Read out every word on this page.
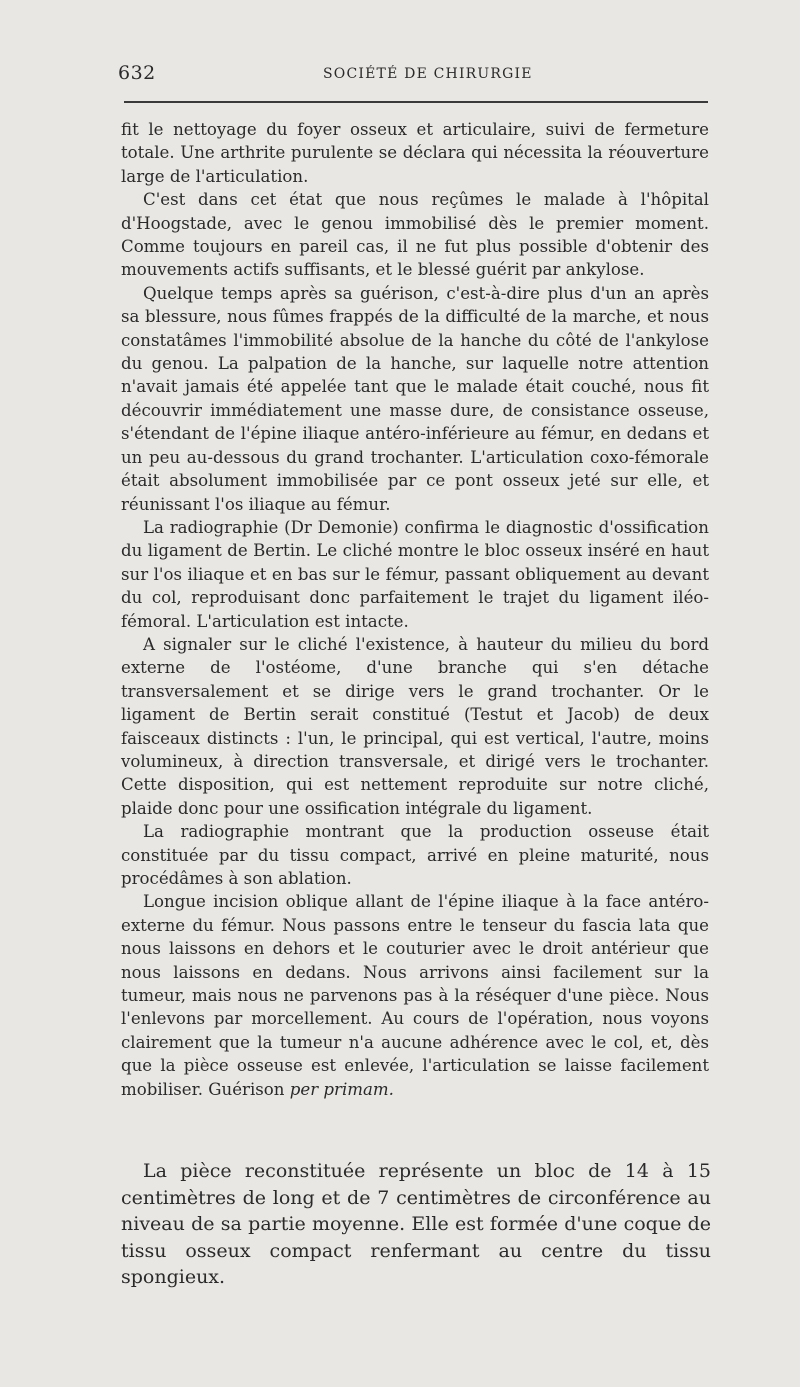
632	SOCIÉTÉ DE CHIRURGIE

fit le nettoyage du foyer osseux et articulaire, suivi de fermeture totale. Une arthrite purulente se déclara qui nécessita la réouverture large de l'articulation.

C'est dans cet état que nous reçûmes le malade à l'hôpital d'Hoogstade, avec le genou immobilisé dès le premier moment. Comme toujours en pareil cas, il ne fut plus possible d'obtenir des mouvements actifs suffisants, et le blessé guérit par ankylose.

Quelque temps après sa guérison, c'est-à-dire plus d'un an après sa blessure, nous fûmes frappés de la difficulté de la marche, et nous constatâmes l'immobilité absolue de la hanche du côté de l'ankylose du genou. La palpation de la hanche, sur laquelle notre attention n'avait jamais été appelée tant que le malade était couché, nous fit découvrir immédiatement une masse dure, de consistance osseuse, s'étendant de l'épine iliaque antéro-inférieure au fémur, en dedans et un peu au-dessous du grand trochanter. L'articulation coxo-fémorale était absolument immobilisée par ce pont osseux jeté sur elle, et réunissant l'os iliaque au fémur.

La radiographie (Dr Demonie) confirma le diagnostic d'ossification du ligament de Bertin. Le cliché montre le bloc osseux inséré en haut sur l'os iliaque et en bas sur le fémur, passant obliquement au devant du col, reproduisant donc parfaitement le trajet du ligament iléo-fémoral. L'articulation est intacte.

A signaler sur le cliché l'existence, à hauteur du milieu du bord externe de l'ostéome, d'une branche qui s'en détache transversalement et se dirige vers le grand trochanter. Or le ligament de Bertin serait constitué (Testut et Jacob) de deux faisceaux distincts : l'un, le principal, qui est vertical, l'autre, moins volumineux, à direction transversale, et dirigé vers le trochanter. Cette disposition, qui est nettement reproduite sur notre cliché, plaide donc pour une ossification intégrale du ligament.

La radiographie montrant que la production osseuse était constituée par du tissu compact, arrivé en pleine maturité, nous procédâmes à son ablation.

Longue incision oblique allant de l'épine iliaque à la face antéro-externe du fémur. Nous passons entre le tenseur du fascia lata que nous laissons en dehors et le couturier avec le droit antérieur que nous laissons en dedans. Nous arrivons ainsi facilement sur la tumeur, mais nous ne parvenons pas à la réséquer d'une pièce. Nous l'enlevons par morcellement. Au cours de l'opération, nous voyons clairement que la tumeur n'a aucune adhérence avec le col, et, dès que la pièce osseuse est enlevée, l'articulation se laisse facilement mobiliser. Guérison per primam.

La pièce reconstituée représente un bloc de 14 à 15 centimètres de long et de 7 centimètres de circonférence au niveau de sa partie moyenne. Elle est formée d'une coque de tissu osseux compact renfermant au centre du tissu spongieux.
